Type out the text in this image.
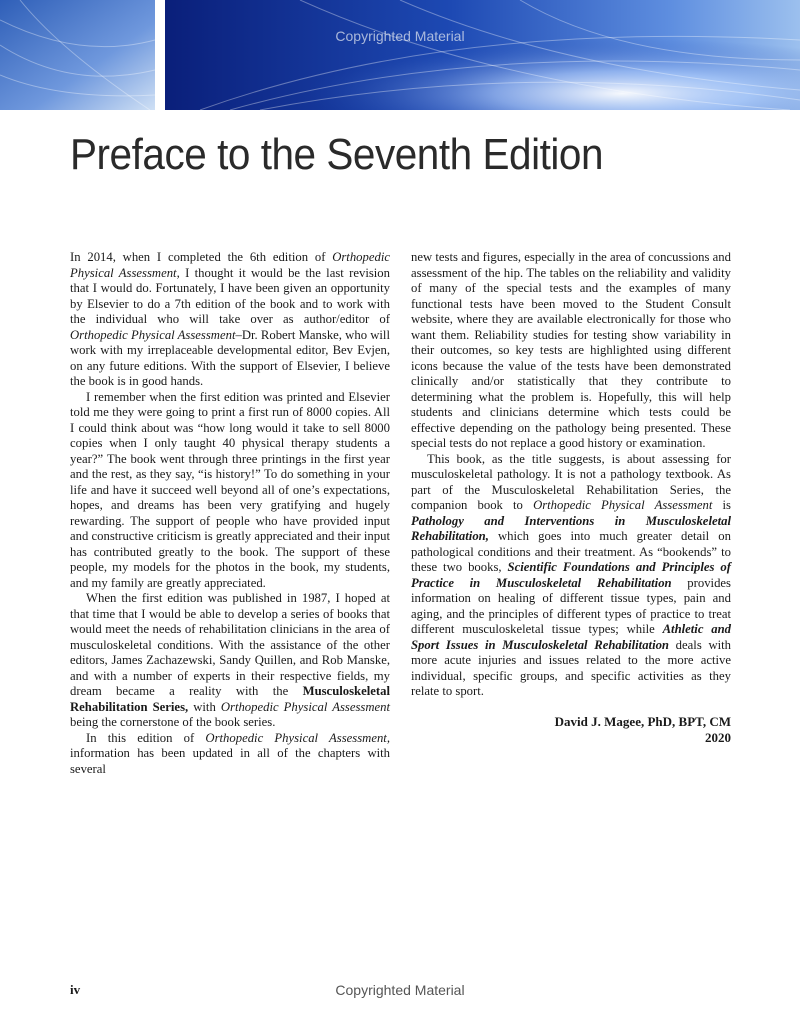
Copyrighted Material
Preface to the Seventh Edition

In 2014, when I completed the 6th edition of Orthopedic Physical Assessment, I thought it would be the last revision that I would do. Fortunately, I have been given an opportunity by Elsevier to do a 7th edition of the book and to work with the individual who will take over as author/editor of Orthopedic Physical Assessment–Dr. Robert Manske, who will work with my irreplaceable developmental editor, Bev Evjen, on any future editions. With the support of Elsevier, I believe the book is in good hands.

I remember when the first edition was printed and Elsevier told me they were going to print a first run of 8000 copies. All I could think about was “how long would it take to sell 8000 copies when I only taught 40 physical therapy students a year?” The book went through three printings in the first year and the rest, as they say, “is history!” To do something in your life and have it succeed well beyond all of one’s expectations, hopes, and dreams has been very gratifying and hugely rewarding. The support of people who have provided input and constructive criticism is greatly appreciated and their input has contributed greatly to the book. The support of these people, my models for the photos in the book, my students, and my family are greatly appreciated.

When the first edition was published in 1987, I hoped at that time that I would be able to develop a series of books that would meet the needs of rehabilitation clinicians in the area of musculoskeletal conditions. With the assistance of the other editors, James Zachazewski, Sandy Quillen, and Rob Manske, and with a number of experts in their respective fields, my dream became a reality with the Musculoskeletal Rehabilitation Series, with Orthopedic Physical Assessment being the cornerstone of the book series.

In this edition of Orthopedic Physical Assessment, information has been updated in all of the chapters with several

new tests and figures, especially in the area of concussions and assessment of the hip. The tables on the reliability and validity of many of the special tests and the examples of many functional tests have been moved to the Student Consult website, where they are available electronically for those who want them. Reliability studies for testing show variability in their outcomes, so key tests are highlighted using different icons because the value of the tests have been demonstrated clinically and/or statistically that they contribute to determining what the problem is. Hopefully, this will help students and clinicians determine which tests could be effective depending on the pathology being presented. These special tests do not replace a good history or examination.

This book, as the title suggests, is about assessing for musculoskeletal pathology. It is not a pathology textbook. As part of the Musculoskeletal Rehabilitation Series, the companion book to Orthopedic Physical Assessment is Pathology and Interventions in Musculoskeletal Rehabilitation, which goes into much greater detail on pathological conditions and their treatment. As “bookends” to these two books, Scientific Foundations and Principles of Practice in Musculoskeletal Rehabilitation provides information on healing of different tissue types, pain and aging, and the principles of different types of practice to treat different musculoskeletal tissue types; while Athletic and Sport Issues in Musculoskeletal Rehabilitation deals with more acute injuries and issues related to the more active individual, specific groups, and specific activities as they relate to sport.

David J. Magee, PhD, BPT, CM
2020
iv	Copyrighted Material
